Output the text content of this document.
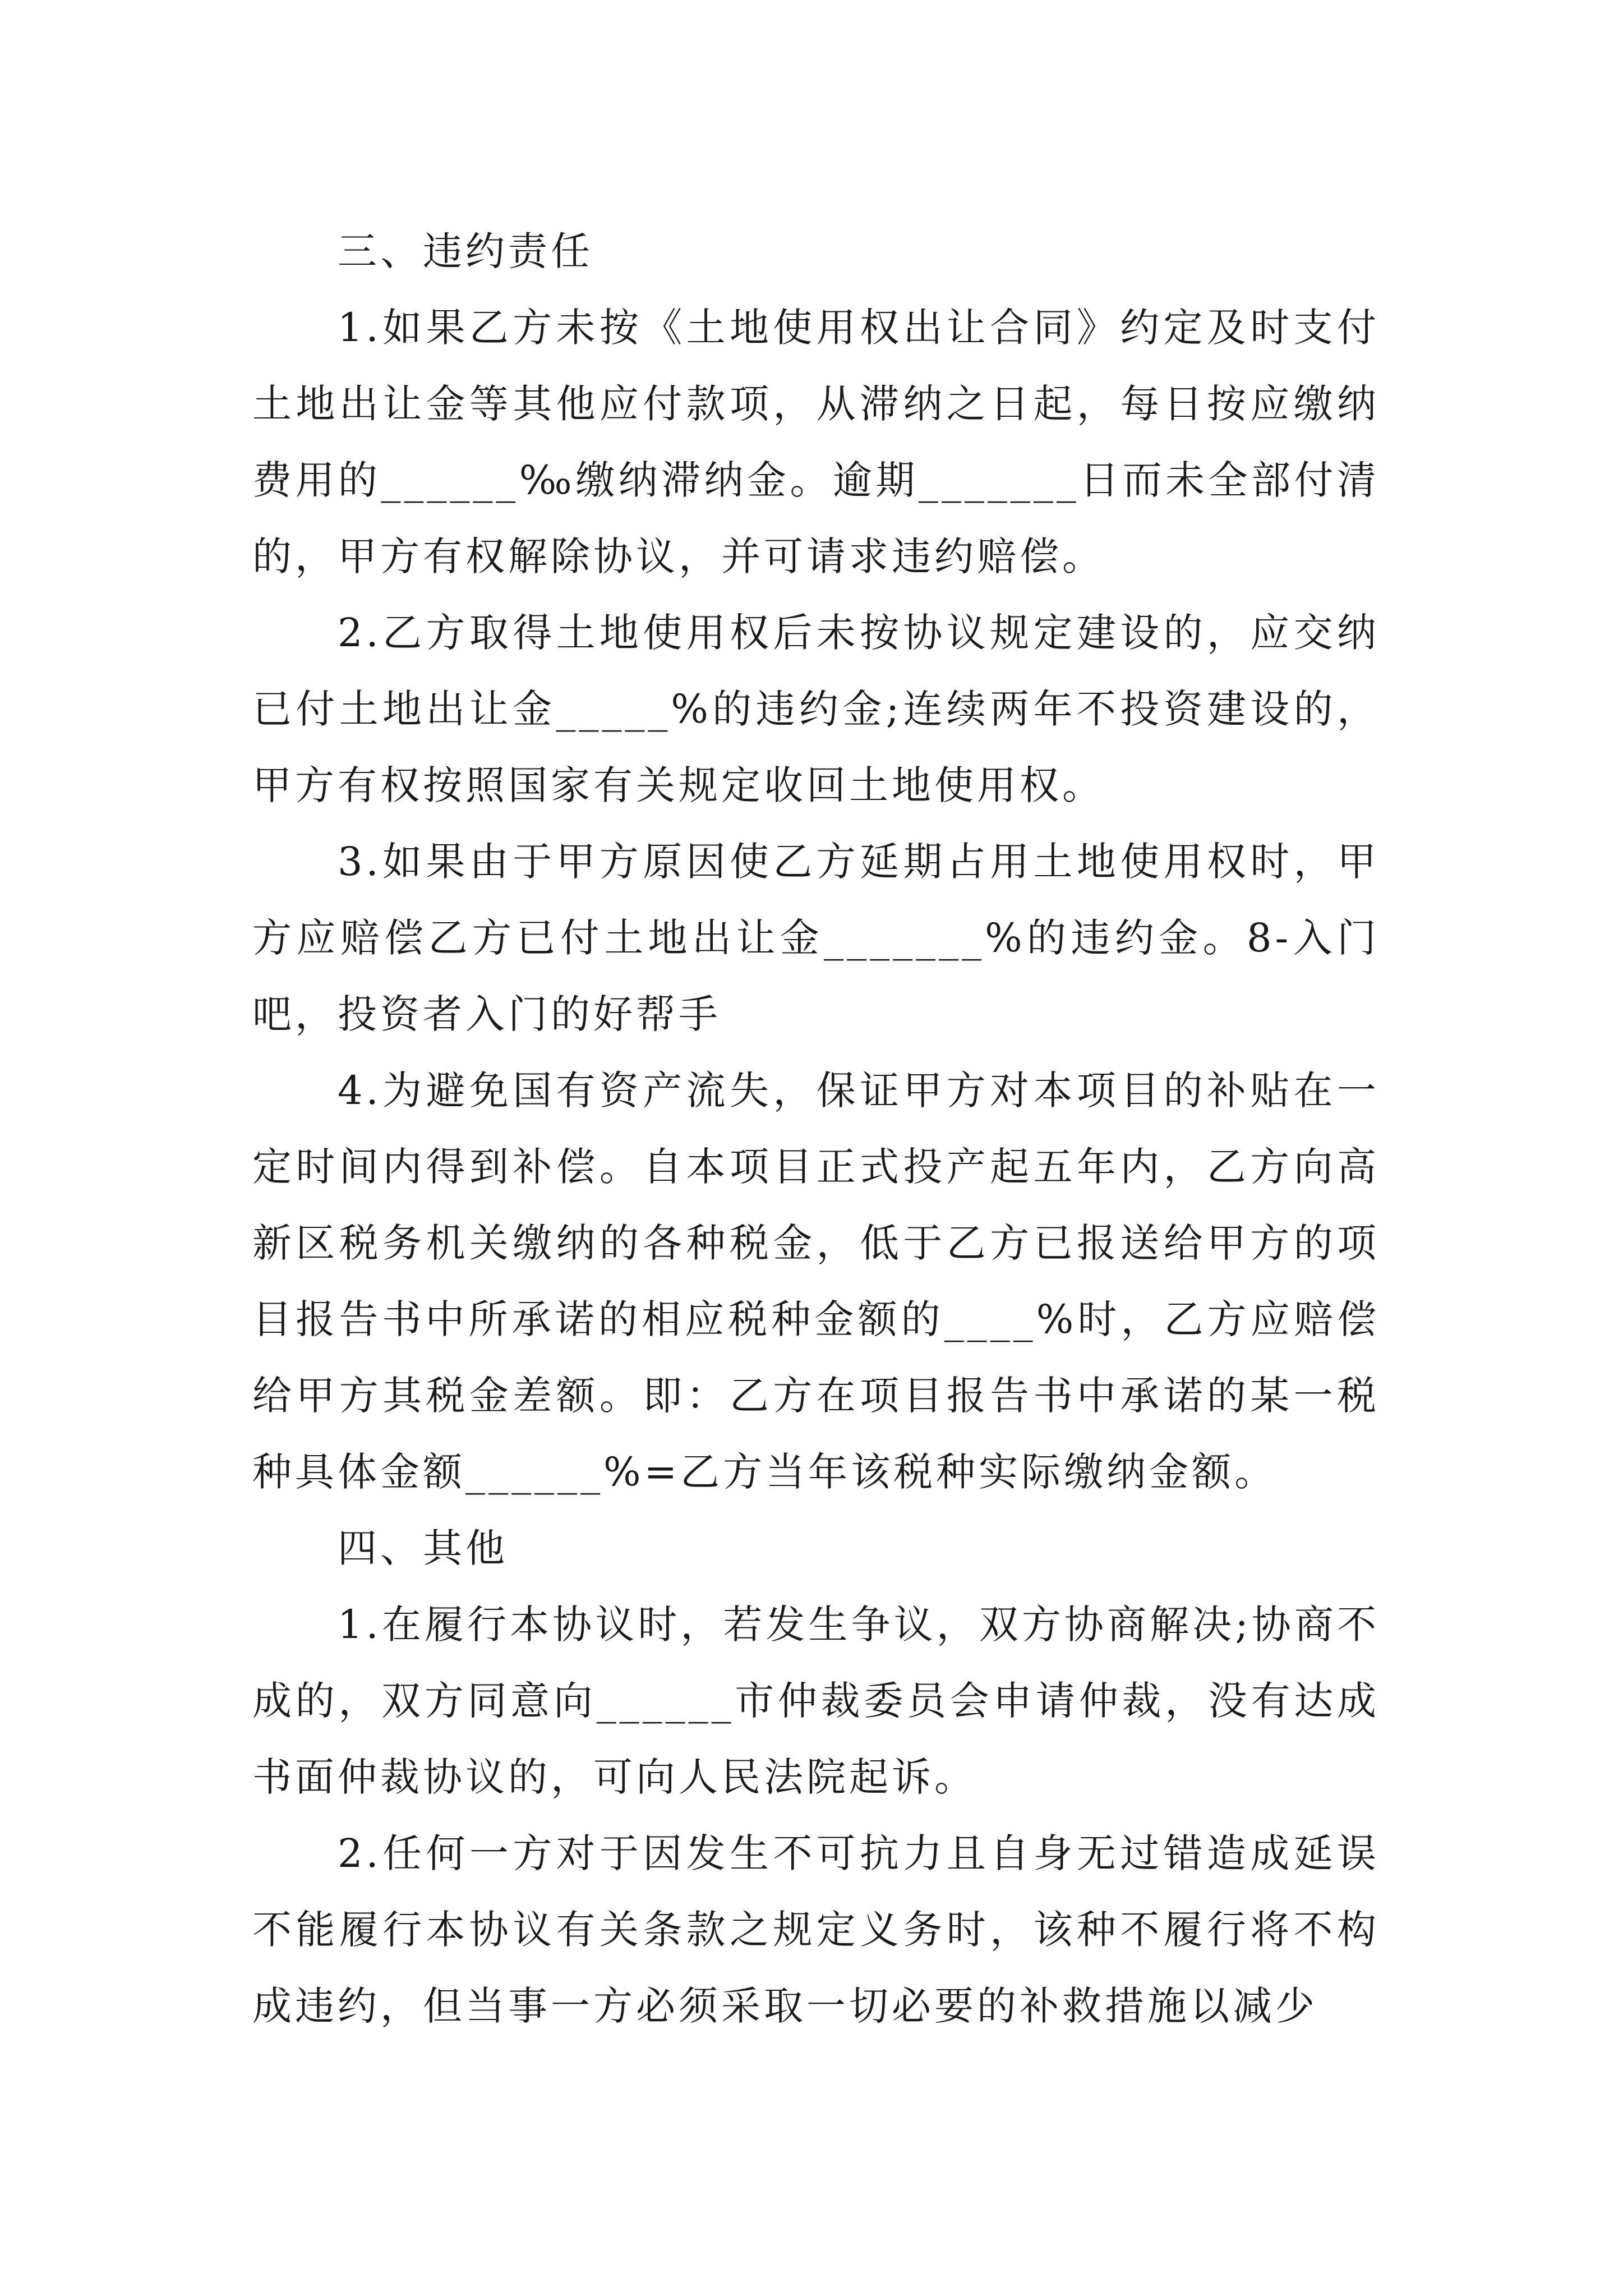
三、违约责任

1.如果乙方未按《土地使用权出让合同》约定及时支付土地出让金等其他应付款项，从滞纳之日起，每日按应缴纳费用的______‰缴纳滞纳金。逾期_______日而未全部付清的，甲方有权解除协议，并可请求违约赔偿。

2.乙方取得土地使用权后未按协议规定建设的，应交纳已付土地出让金_____%的违约金;连续两年不投资建设的，甲方有权按照国家有关规定收回土地使用权。

3.如果由于甲方原因使乙方延期占用土地使用权时，甲方应赔偿乙方已付土地出让金_______%的违约金。8-入门吧，投资者入门的好帮手

4.为避免国有资产流失，保证甲方对本项目的补贴在一定时间内得到补偿。自本项目正式投产起五年内，乙方向高新区税务机关缴纳的各种税金，低于乙方已报送给甲方的项目报告书中所承诺的相应税种金额的____%时，乙方应赔偿给甲方其税金差额。即：乙方在项目报告书中承诺的某一税种具体金额______%=乙方当年该税种实际缴纳金额。

四、其他

1.在履行本协议时，若发生争议，双方协商解决;协商不成的，双方同意向______市仲裁委员会申请仲裁，没有达成书面仲裁协议的，可向人民法院起诉。

2.任何一方对于因发生不可抗力且自身无过错造成延误不能履行本协议有关条款之规定义务时，该种不履行将不构成违约，但当事一方必须采取一切必要的补救措施以减少
